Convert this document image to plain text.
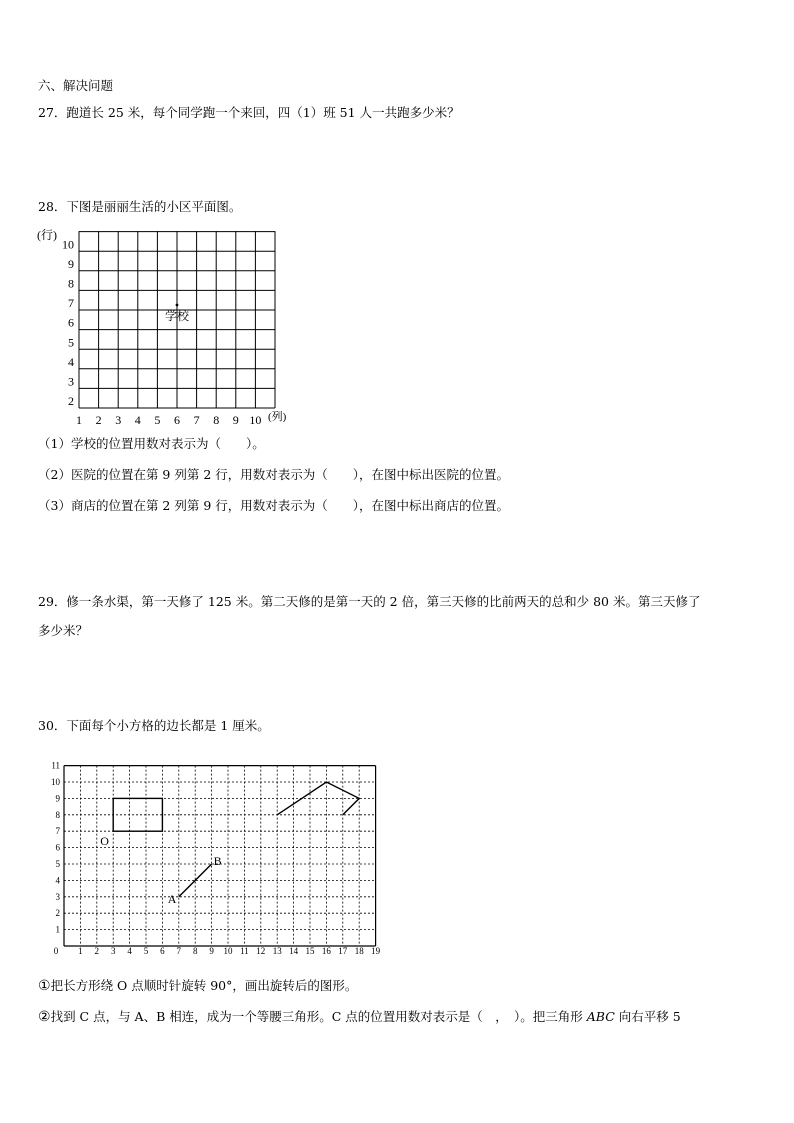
六、解决问题
27．跑道长 25 米，每个同学跑一个来回，四（1）班 51 人一共跑多少米？
28．下图是丽丽生活的小区平面图。
2
3
4
5
6
7
8
9
10
1 2 3 4 5 6 7 8 9 10
(行)
(列)
学校
（1）学校的位置用数对表示为（　　）。
（2）医院的位置在第 9 列第 2 行，用数对表示为（　　），在图中标出医院的位置。
（3）商店的位置在第 2 列第 9 行，用数对表示为（　　），在图中标出商店的位置。
29．修一条水渠，第一天修了 125 米。第二天修的是第一天的 2 倍，第三天修的比前两天的总和少 80 米。第三天修了
多少米？
30．下面每个小方格的边长都是 1 厘米。
0 1 2 3 4 5 6 7 8 9 10 11 12 13 14 15 16 17 18 19
1
2
3
4
5
6
7
8
9
10
11
O
A
B
①把长方形绕 O 点顺时针旋转 90°，画出旋转后的图形。
②找到 C 点，与 A、B 相连，成为一个等腰三角形。C 点的位置用数对表示是（　，　）。把三角形 ABC 向右平移 5
